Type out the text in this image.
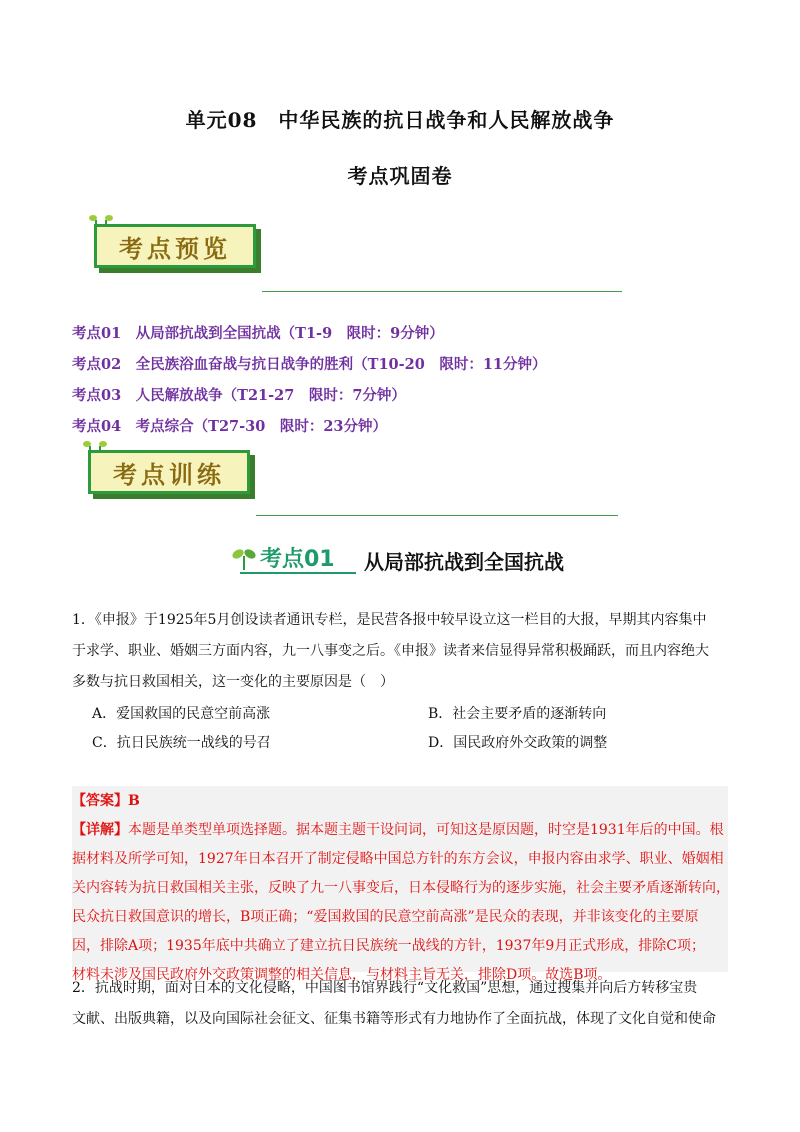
单元08　中华民族的抗日战争和人民解放战争
考点巩固卷
考点预览
考点01　从局部抗战到全国抗战（T1-9　限时：9分钟）
考点02　全民族浴血奋战与抗日战争的胜利（T10-20　限时：11分钟）
考点03　人民解放战争（T21-27　限时：7分钟）
考点04　考点综合（T27-30　限时：23分钟）
考点训练
考点01 从局部抗战到全国抗战
1．《申报》于1925年5月创设读者通讯专栏，是民营各报中较早设立这一栏目的大报，早期其内容集中
于求学、职业、婚姻三方面内容，九一八事变之后。《申报》读者来信显得异常积极踊跃，而且内容绝大
多数与抗日救国相关，这一变化的主要原因是（　）
A．爱国救国的民意空前高涨	B．社会主要矛盾的逐渐转向
C．抗日民族统一战线的号召	D．国民政府外交政策的调整
【答案】B
【详解】本题是单类型单项选择题。据本题主题干设问词，可知这是原因题，时空是1931年后的中国。根
据材料及所学可知，1927年日本召开了制定侵略中国总方针的东方会议，申报内容由求学、职业、婚姻相
关内容转为抗日救国相关主张，反映了九一八事变后，日本侵略行为的逐步实施，社会主要矛盾逐渐转向，
民众抗日救国意识的增长，B项正确；“爱国救国的民意空前高涨”是民众的表现，并非该变化的主要原
因，排除A项；1935年底中共确立了建立抗日民族统一战线的方针，1937年9月正式形成，排除C项；
材料未涉及国民政府外交政策调整的相关信息，与材料主旨无关，排除D项。故选B项。
2．抗战时期，面对日本的文化侵略，中国图书馆界践行“文化救国”思想，通过搜集并向后方转移宝贵
文献、出版典籍，以及向国际社会征文、征集书籍等形式有力地协作了全面抗战，体现了文化自觉和使命
